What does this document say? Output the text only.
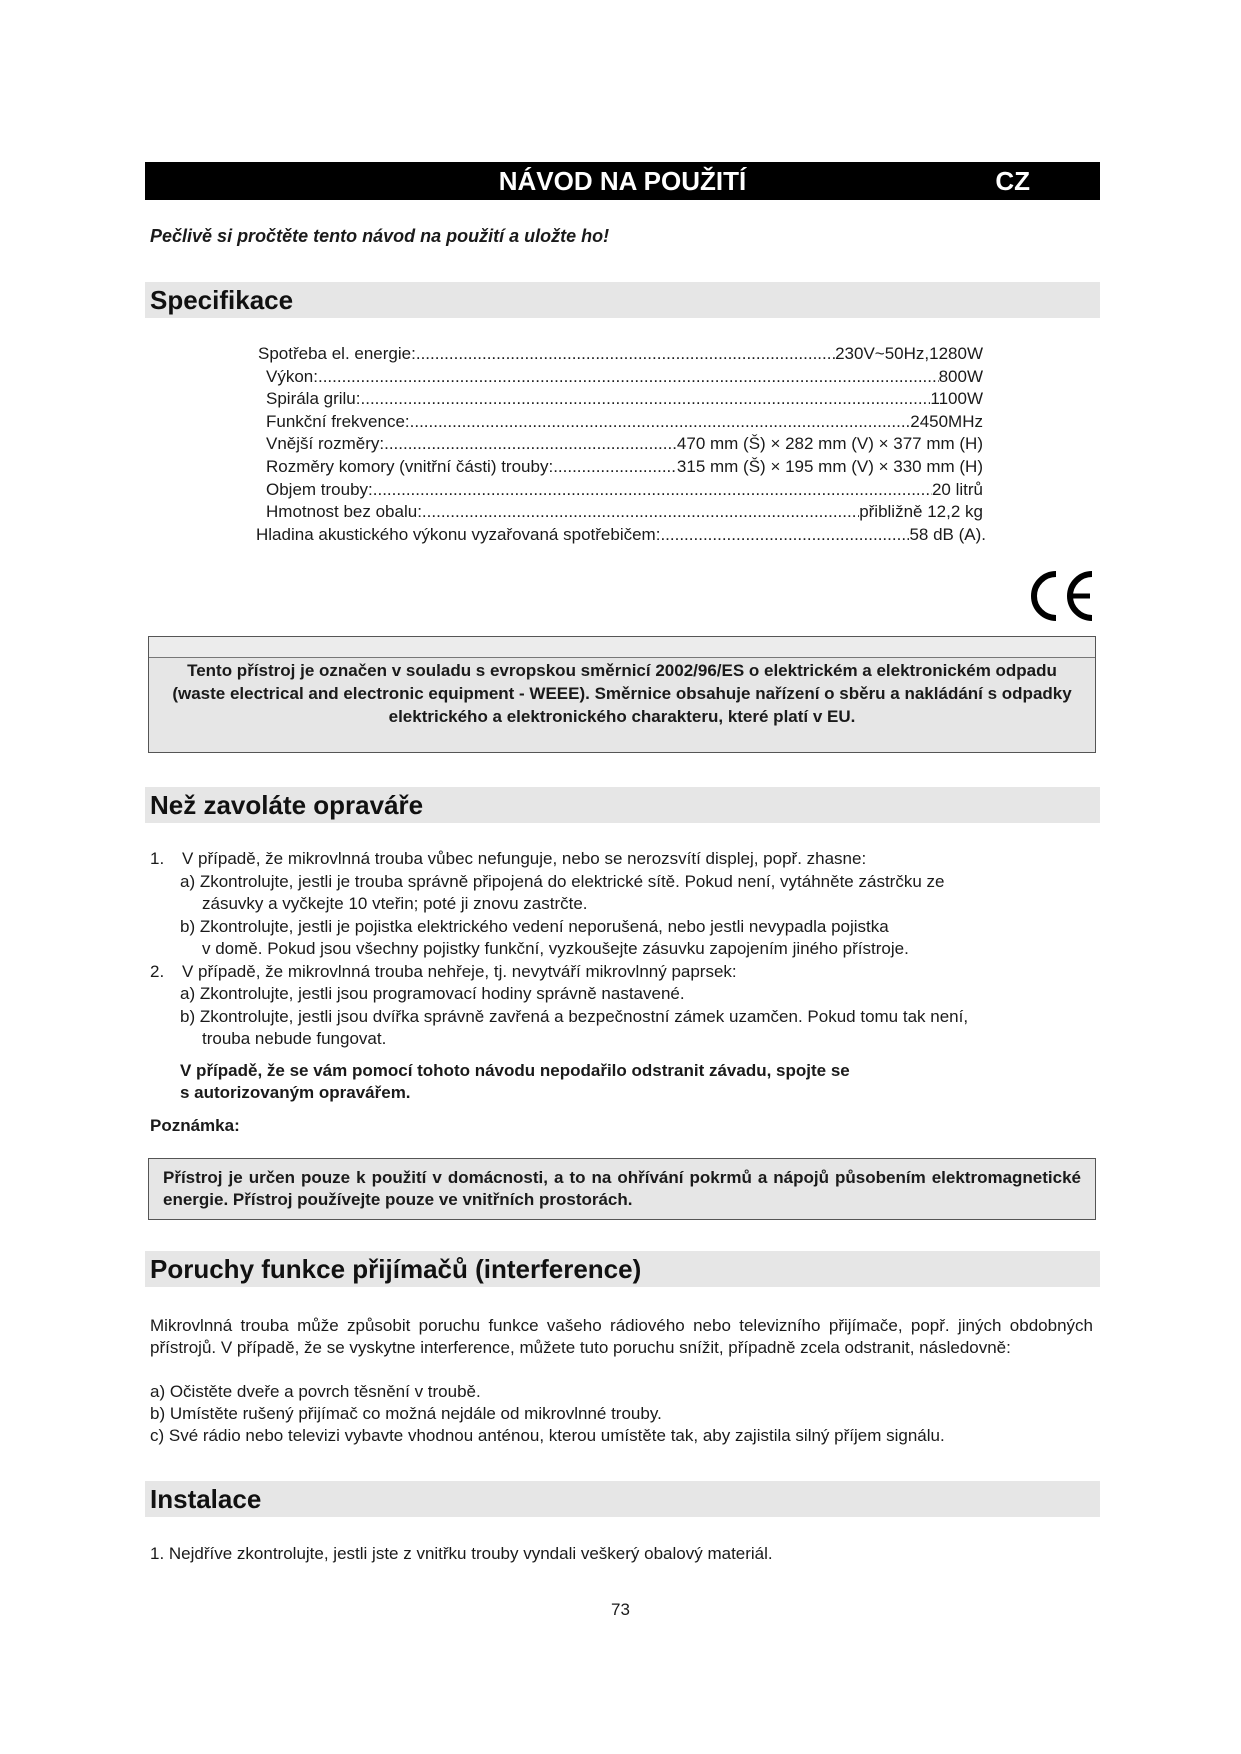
NÁVOD NA POUŽITÍ	CZ
Pečlivě si pročtěte tento návod na použití a uložte ho!
Specifikace
Spotřeba el. energie: .....	230V~50Hz,1280W
Výkon: .....	800W
Spirála grilu: .....	1100W
Funkční frekvence: .....	2450MHz
Vnější rozměry: .....	470 mm (Š) × 282 mm (V) × 377 mm (H)
Rozměry komory (vnitřní části) trouby: .....	315 mm (Š) × 195 mm (V) × 330 mm (H)
Objem trouby: .....	20 litrů
Hmotnost bez obalu: .....	přibližně 12,2 kg
Hladina akustického výkonu vyzařovaná spotřebičem: .....	58 dB (A).

Tento přístroj je označen v souladu s evropskou směrnicí 2002/96/ES o elektrickém a elektronickém odpadu (waste electrical and electronic equipment - WEEE). Směrnice obsahuje nařízení o sběru a nakládání s odpadky elektrického a elektronického charakteru, které platí v EU.

Než zavoláte opraváře
1. V případě, že mikrovlnná trouba vůbec nefunguje, nebo se nerozsvítí displej, popř. zhasne:
a) Zkontrolujte, jestli je trouba správně připojená do elektrické sítě. Pokud není, vytáhněte zástrčku ze
zásuvky a vyčkejte 10 vteřin; poté ji znovu zastrčte.
b) Zkontrolujte, jestli je pojistka elektrického vedení neporušená, nebo jestli nevypadla pojistka
v domě. Pokud jsou všechny pojistky funkční, vyzkoušejte zásuvku zapojením jiného přístroje.
2. V případě, že mikrovlnná trouba nehřeje, tj. nevytváří mikrovlnný paprsek:
a) Zkontrolujte, jestli jsou programovací hodiny správně nastavené.
b) Zkontrolujte, jestli jsou dvířka správně zavřená a bezpečnostní zámek uzamčen. Pokud tomu tak není,
trouba nebude fungovat.
V případě, že se vám pomocí tohoto návodu nepodařilo odstranit závadu, spojte se
s autorizovaným opravářem.
Poznámka:

Přístroj je určen pouze k použití v domácnosti, a to na ohřívání pokrmů a nápojů působením elektromagnetické energie. Přístroj používejte pouze ve vnitřních prostorách.

Poruchy funkce přijímačů (interference)
Mikrovlnná trouba může způsobit poruchu funkce vašeho rádiového nebo televizního přijímače, popř. jiných obdobných přístrojů. V případě, že se vyskytne interference, můžete tuto poruchu snížit, případně zcela odstranit, následovně:
a) Očistěte dveře a povrch těsnění v troubě.
b) Umístěte rušený přijímač co možná nejdále od mikrovlnné trouby.
c) Své rádio nebo televizi vybavte vhodnou anténou, kterou umístěte tak, aby zajistila silný příjem signálu.
Instalace
1. Nejdříve zkontrolujte, jestli jste z vnitřku trouby vyndali veškerý obalový materiál.
73
